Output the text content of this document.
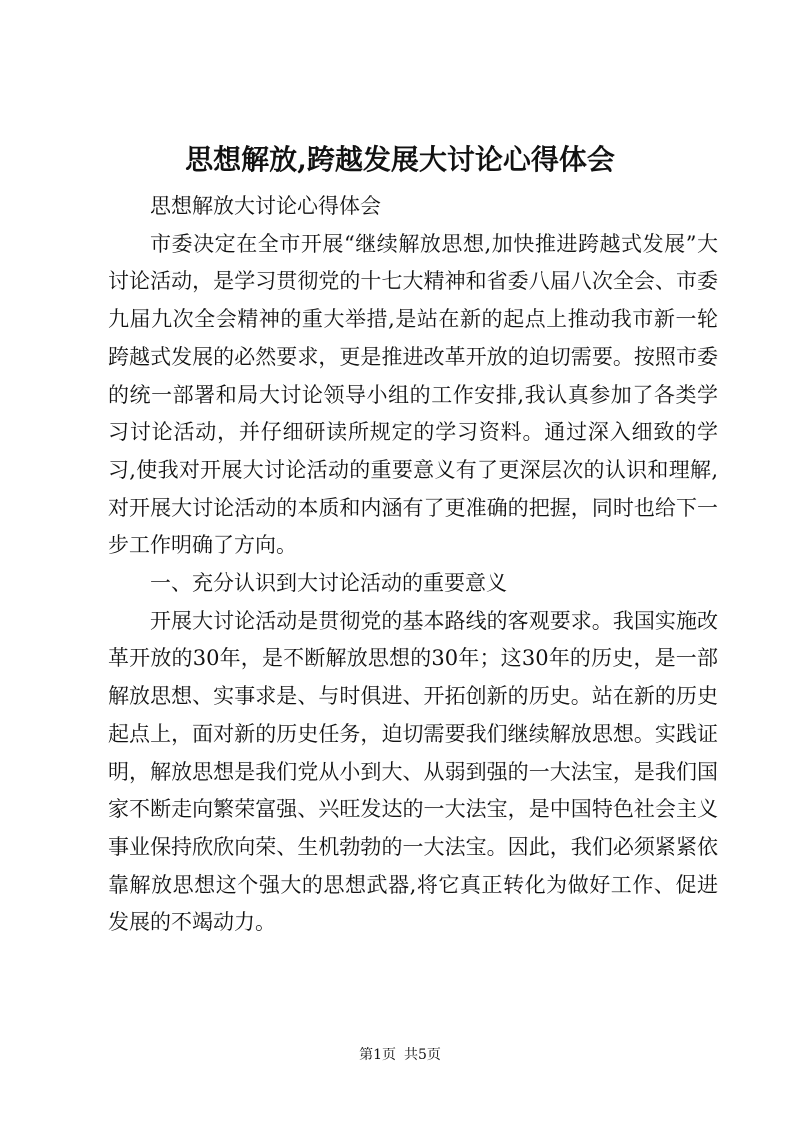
思想解放,跨越发展大讨论心得体会

思想解放大讨论心得体会

市委决定在全市开展“继续解放思想,加快推进跨越式发展”大讨论活动，是学习贯彻党的十七大精神和省委八届八次全会、市委九届九次全会精神的重大举措,是站在新的起点上推动我市新一轮跨越式发展的必然要求，更是推进改革开放的迫切需要。按照市委的统一部署和局大讨论领导小组的工作安排,我认真参加了各类学习讨论活动，并仔细研读所规定的学习资料。通过深入细致的学习,使我对开展大讨论活动的重要意义有了更深层次的认识和理解,对开展大讨论活动的本质和内涵有了更准确的把握，同时也给下一步工作明确了方向。

一、充分认识到大讨论活动的重要意义

开展大讨论活动是贯彻党的基本路线的客观要求。我国实施改革开放的30年，是不断解放思想的30年；这30年的历史，是一部解放思想、实事求是、与时俱进、开拓创新的历史。站在新的历史起点上，面对新的历史任务，迫切需要我们继续解放思想。实践证明，解放思想是我们党从小到大、从弱到强的一大法宝，是我们国家不断走向繁荣富强、兴旺发达的一大法宝，是中国特色社会主义事业保持欣欣向荣、生机勃勃的一大法宝。因此，我们必须紧紧依靠解放思想这个强大的思想武器,将它真正转化为做好工作、促进发展的不竭动力。

第1页 共5页
